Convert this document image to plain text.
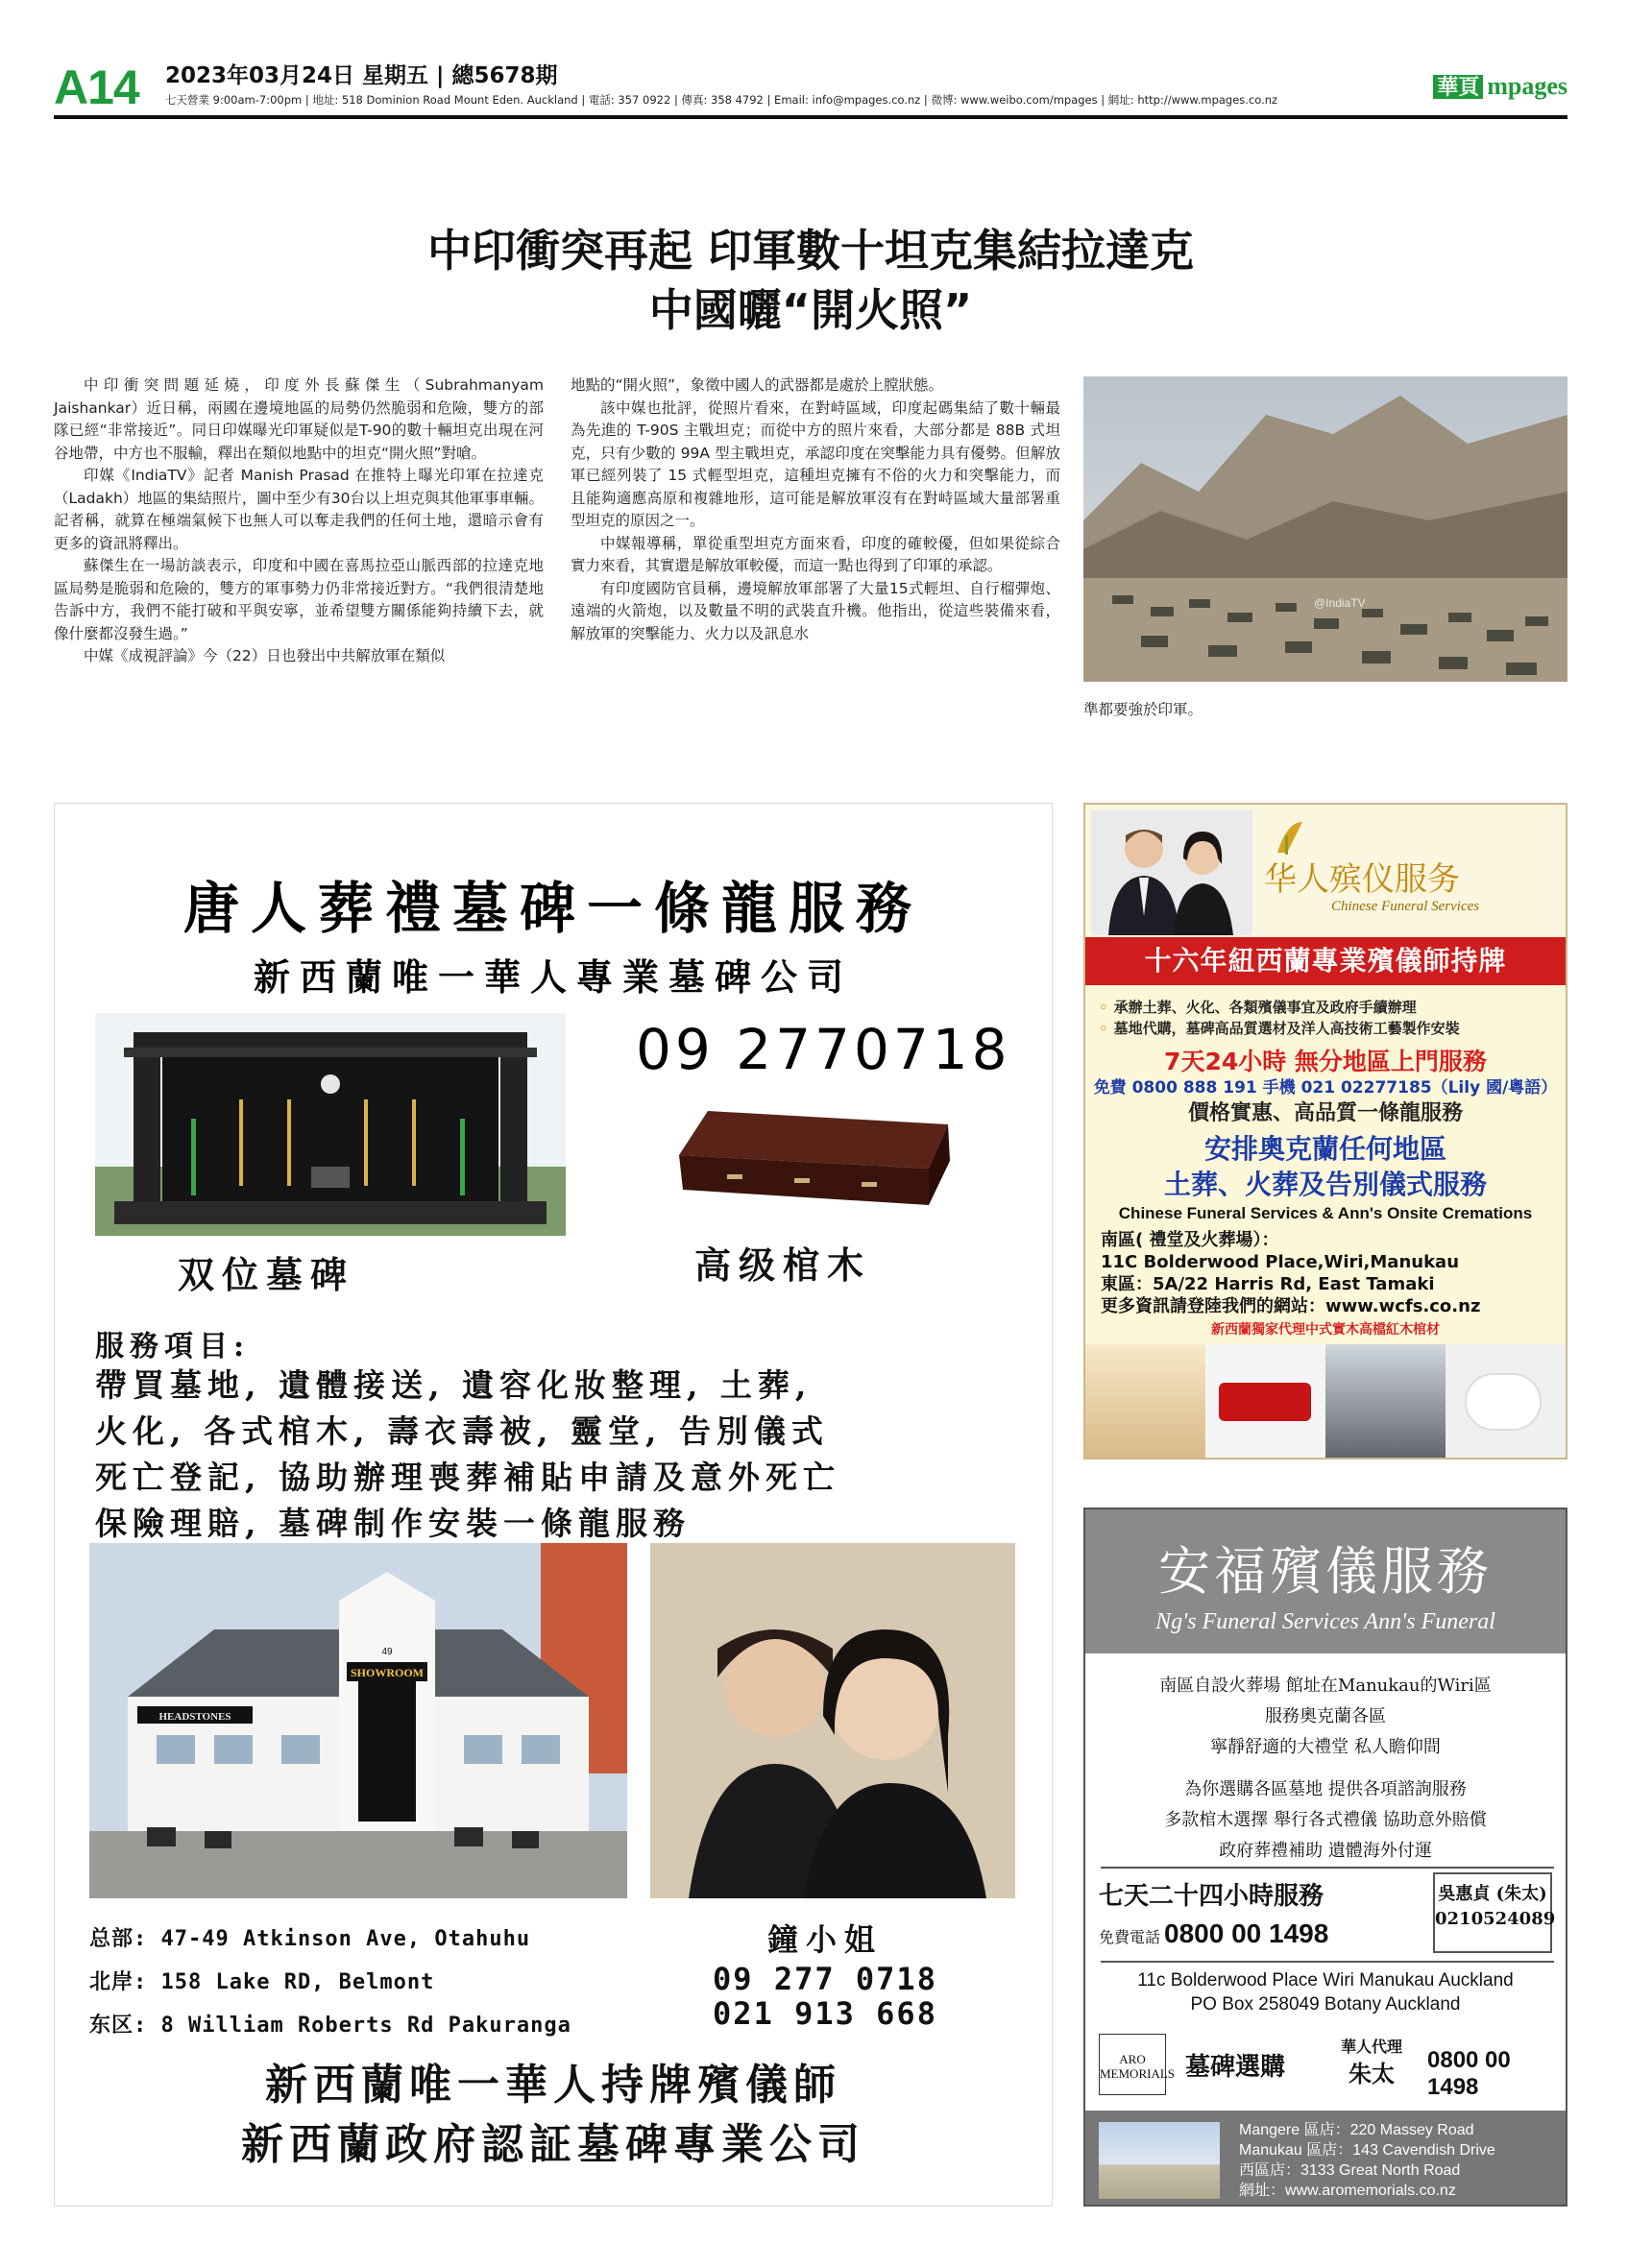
A14 2023年03月24日 星期五 | 總5678期
七天營業 9:00am-7:00pm | 地址: 518 Dominion Road Mount Eden. Auckland | 電話: 357 0922 | 傳真: 358 4792 | Email: info@mpages.co.nz | 微博: www.weibo.com/mpages | 網址: http://www.mpages.co.nz
華頁 mpages
中印衝突再起 印軍數十坦克集結拉達克
中國曬“開火照”

中印衝突問題延燒，印度外長蘇傑生（Subrahmanyam Jaishankar）近日稱，兩國在邊境地區的局勢仍然脆弱和危險，雙方的部隊已經“非常接近”。同日印媒曝光印軍疑似是T-90的數十輛坦克出現在河谷地帶，中方也不服輸，釋出在類似地點中的坦克“開火照”對嗆。

印媒《IndiaTV》記者 Manish Prasad 在推特上曝光印軍在拉達克（Ladakh）地區的集結照片，圖中至少有30台以上坦克與其他軍事車輛。記者稱，就算在極端氣候下也無人可以奪走我們的任何土地，還暗示會有更多的資訊將釋出。

蘇傑生在一場訪談表示，印度和中國在喜馬拉亞山脈西部的拉達克地區局勢是脆弱和危險的，雙方的軍事勢力仍非常接近對方。“我們很清楚地告訴中方，我們不能打破和平與安寧，並希望雙方關係能夠持續下去，就像什麼都沒發生過。”

中媒《成視評論》今（22）日也發出中共解放軍在類似

地點的“開火照”，象徵中國人的武器都是處於上膛狀態。

該中媒也批評，從照片看來，在對峙區域，印度起碼集結了數十輛最為先進的 T-90S 主戰坦克；而從中方的照片來看，大部分都是 88B 式坦克，只有少數的 99A 型主戰坦克，承認印度在突擊能力具有優勢。但解放軍已經列裝了 15 式輕型坦克，這種坦克擁有不俗的火力和突擊能力，而且能夠適應高原和複雜地形，這可能是解放軍沒有在對峙區域大量部署重型坦克的原因之一。

中媒報導稱，單從重型坦克方面來看，印度的確較優，但如果從綜合實力來看，其實還是解放軍較優，而這一點也得到了印軍的承認。

有印度國防官員稱，邊境解放軍部署了大量15式輕坦、自行榴彈炮、遠端的火箭炮，以及數量不明的武裝直升機。他指出，從這些裝備來看，解放軍的突擊能力、火力以及訊息水

@IndiaTV

準都要強於印軍。

唐人葬禮墓碑一條龍服務
新西蘭唯一華人專業墓碑公司
09 2770718
双位墓碑	高级棺木
服務項目:
帶買墓地, 遺體接送, 遺容化妝整理, 土葬,
火化, 各式棺木, 壽衣壽被, 靈堂, 告別儀式
死亡登記, 協助辦理喪葬補貼申請及意外死亡
保險理賠, 墓碑制作安裝一條龍服務
49
SHOWROOM
HEADSTONES
总部: 47-49 Atkinson Ave, Otahuhu
北岸: 158 Lake RD, Belmont
东区: 8 William Roberts Rd Pakuranga
鐘小姐
09 277 0718
021 913 668
新西蘭唯一華人持牌殯儀師
新西蘭政府認証墓碑專業公司
华人殡仪服务
Chinese Funeral Services
十六年紐西蘭專業殯儀師持牌
◦ 承辦土葬、火化、各類殯儀事宜及政府手續辦理
◦ 墓地代購，墓碑高品質選材及洋人高技術工藝製作安裝
7天24小時 無分地區上門服務
免費 0800 888 191 手機 021 02277185（Lily 國/粵語）
價格實惠、高品質一條龍服務
安排奧克蘭任何地區
土葬、火葬及告別儀式服務
Chinese Funeral Services & Ann's Onsite Cremations
南區( 禮堂及火葬場）：
11C Bolderwood Place,Wiri,Manukau
東區：5A/22 Harris Rd, East Tamaki
更多資訊請登陸我們的網站：www.wcfs.co.nz
新西蘭獨家代理中式實木高檔紅木棺材
安福殯儀服務
Ng's Funeral Services Ann's Funeral
南區自設火葬場 館址在Manukau的Wiri區
服務奧克蘭各區
寧靜舒適的大禮堂 私人瞻仰間
為你選購各區墓地 提供各項諮詢服務
多款棺木選擇 舉行各式禮儀 協助意外賠償
政府葬禮補助 遺體海外付運
七天二十四小時服務
免費電話 0800 00 1498
吳惠貞 (朱太)
0210524089
11c Bolderwood Place Wiri Manukau Auckland
PO Box 258049 Botany Auckland
ARO MEMORIALS 墓碑選購
華人代理
朱太	0800 00 1498
Mangere 區店：220 Massey Road
Manukau 區店：143 Cavendish Drive
西區店：3133 Great North Road
網址：www.aromemorials.co.nz
